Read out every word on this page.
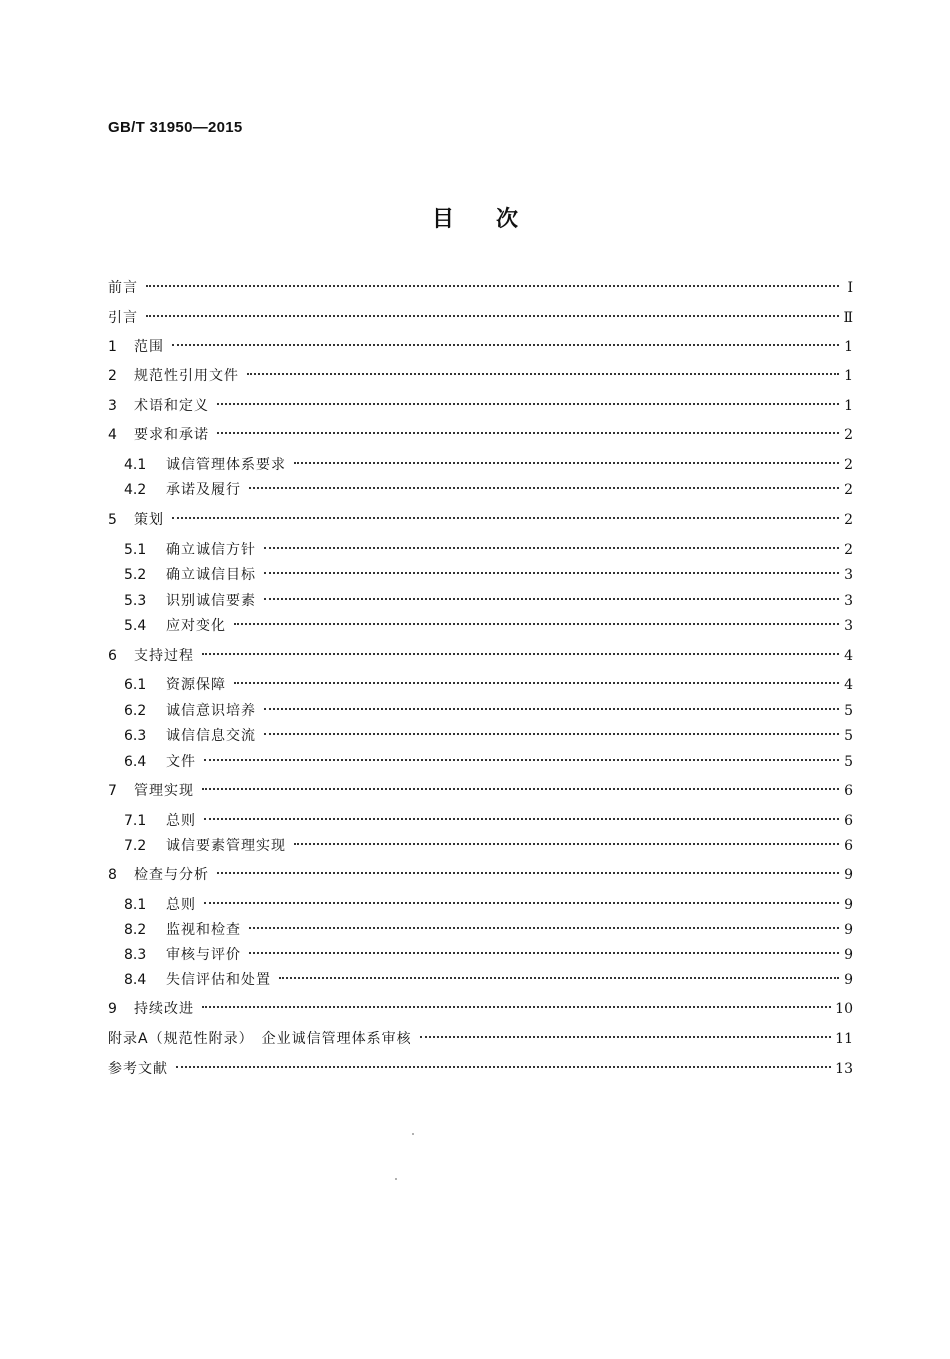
GB/T 31950—2015
目次
前言	Ⅰ
引言	Ⅱ
1	范围	1
2	规范性引用文件	1
3	术语和定义	1
4	要求和承诺	2
4.1	诚信管理体系要求	2
4.2	承诺及履行	2
5	策划	2
5.1	确立诚信方针	2
5.2	确立诚信目标	3
5.3	识别诚信要素	3
5.4	应对变化	3
6	支持过程	4
6.1	资源保障	4
6.2	诚信意识培养	5
6.3	诚信信息交流	5
6.4	文件	5
7	管理实现	6
7.1	总则	6
7.2	诚信要素管理实现	6
8	检查与分析	9
8.1	总则	9
8.2	监视和检查	9
8.3	审核与评价	9
8.4	失信评估和处置	9
9	持续改进	10
附录A（规范性附录）　企业诚信管理体系审核	11
参考文献	13
